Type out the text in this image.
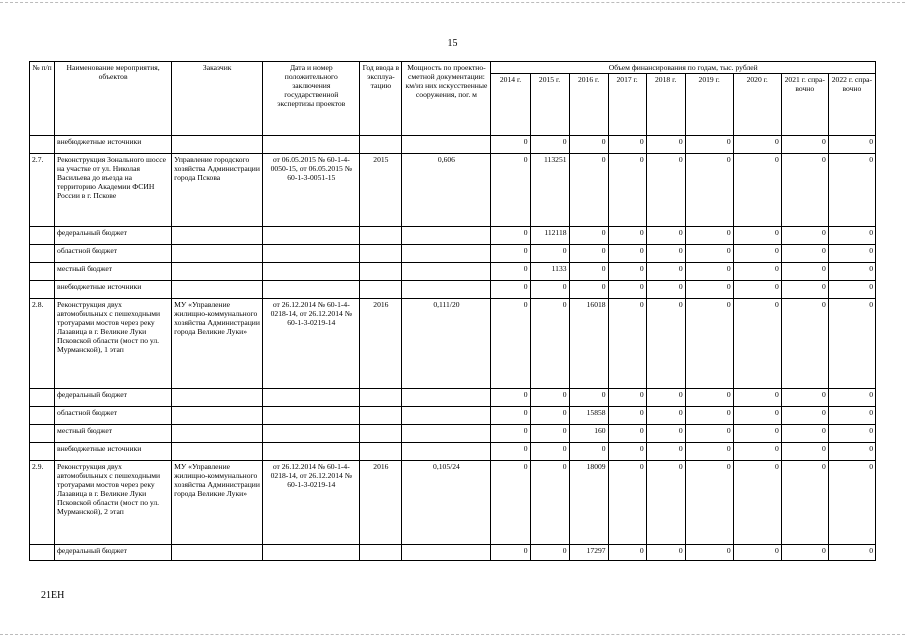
15
№ п/п	Наименование мероприятия, объектов	Заказчик	Дата и номер положительного заключения государственной экспертизы проектов	Год ввода в эксплуа-тацию	Мощность по проектно-сметной документации: км/из них искусственные сооружения, пог. м	Объем финансирования по годам, тыс. рублей								
						2014 г.	2015 г.	2016 г.	2017 г.	2018 г.	2019 г.	2020 г.	2021 г. спра-вочно	2022 г. спра-вочно
	внебюджетные источники					0	0	0	0	0	0	0	0	0
2.7.	Реконструкция Зонального шоссе на участке от ул. Николая Васильева до въезда на территорию Академии ФСИН России в г. Пскове	Управление городского хозяйства Администрации города Пскова	от 06.05.2015 № 60-1-4-0050-15, от 06.05.2015 № 60-1-3-0051-15	2015	0,606	0	113251	0	0	0	0	0	0	0
	федеральный бюджет					0	112118	0	0	0	0	0	0	0
	областной бюджет					0	0	0	0	0	0	0	0	0
	местный бюджет					0	1133	0	0	0	0	0	0	0
	внебюджетные источники					0	0	0	0	0	0	0	0	0
2.8.	Реконструкция двух автомобильных с пешеходными тротуарами мостов через реку Лазавица в г. Великие Луки Псковской области (мост по ул. Мурманской), 1 этап	МУ «Управление жилищно-коммунального хозяйства Администрации города Великие Луки»	от 26.12.2014 № 60-1-4-0218-14, от 26.12.2014 № 60-1-3-0219-14	2016	0,111/20	0	0	16018	0	0	0	0	0	0
	федеральный бюджет					0	0	0	0	0	0	0	0	0
	областной бюджет					0	0	15858	0	0	0	0	0	0
	местный бюджет					0	0	160	0	0	0	0	0	0
	внебюджетные источники					0	0	0	0	0	0	0	0	0
2.9.	Реконструкция двух автомобильных с пешеходными тротуарами мостов через реку Лазавица в г. Великие Луки Псковской области (мост по ул. Мурманской), 2 этап	МУ «Управление жилищно-коммунального хозяйства Администрации города Великие Луки»	от 26.12.2014 № 60-1-4-0218-14, от 26.12.2014 № 60-1-3-0219-14	2016	0,105/24	0	0	18009	0	0	0	0	0	0
	федеральный бюджет					0	0	17297	0	0	0	0	0	0
21ЕН
